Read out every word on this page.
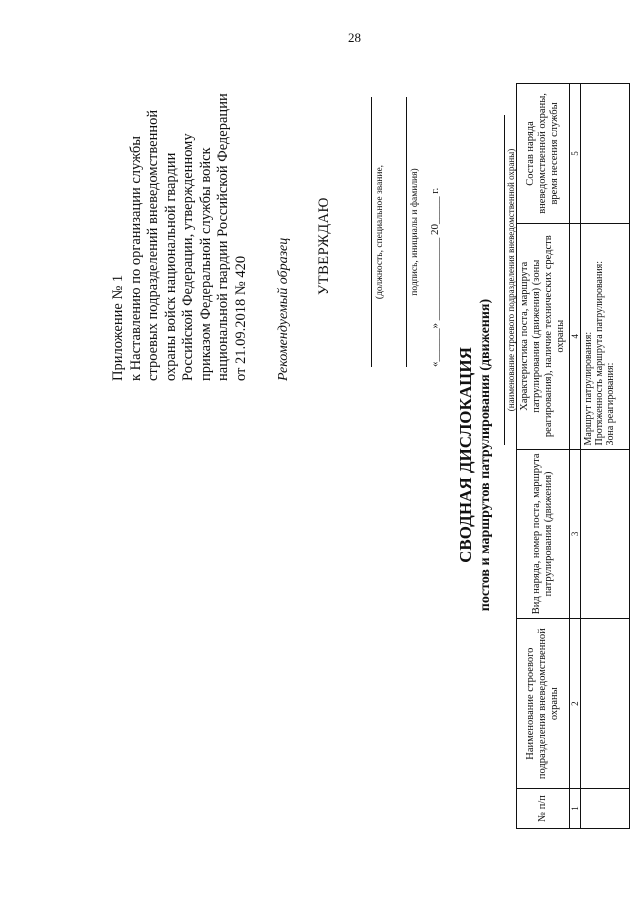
28
Приложение № 1 к Наставлению по организации службы строевых подразделений вневедомственной охраны войск национальной гвардии Российской Федерации, утвержденному приказом Федеральной службы войск национальной гвардии Российской Федерации от 21.09.2018 № 420 Рекомендуемый образец УТВЕРЖДАЮ	(должность, специальное звание,	подпись, инициалы и фамилия)
«______» _______________ 20_____ г.
СВОДНАЯ ДИСЛОКАЦИЯ постов и маршрутов патрулирования (движения)
(наименование строевого подразделения вневедомственной охраны)
№ п/п	Наименование строевого подразделения вневедомственной охраны	Вид наряда, номер поста, маршрута патрулирования (движения)	Характеристика поста, маршрута патрулирования (движения) (зоны реагирования), наличие технических средств охраны	Состав наряда вневедомственной охраны, время несения службы
1	2	3	4	5

			Маршрут патрулирования: Протяженность маршрута патрулирования: Зона реагирования:	
